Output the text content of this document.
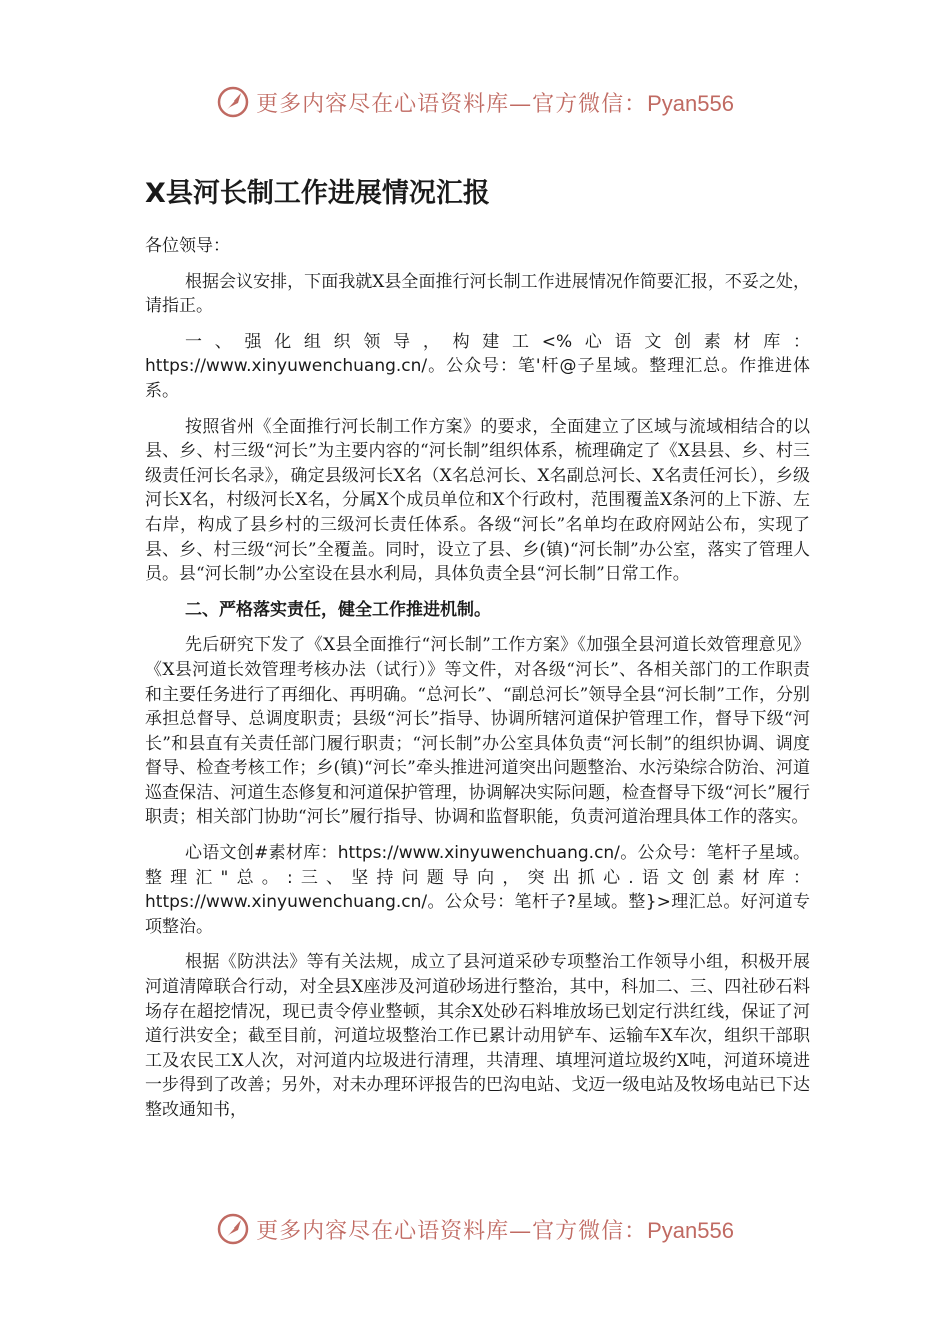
更多内容尽在心语资料库—官方微信：Pyan556
X县河长制工作进展情况汇报

各位领导：

根据会议安排，下面我就X县全面推行河长制工作进展情况作简要汇报，不妥之处，请指正。

一、强化组织领导，构建工<%心语文创素材库：https://www.xinyuwenchuang.cn/。公众号：笔'杆@子星域。整理汇总。作推进体系。

按照省州《全面推行河长制工作方案》的要求，全面建立了区域与流域相结合的以县、乡、村三级“河长”为主要内容的“河长制”组织体系，梳理确定了《X县县、乡、村三级责任河长名录》，确定县级河长X名（X名总河长、X名副总河长、X名责任河长），乡级河长X名，村级河长X名，分属X个成员单位和X个行政村，范围覆盖X条河的上下游、左右岸，构成了县乡村的三级河长责任体系。各级“河长”名单均在政府网站公布，实现了县、乡、村三级“河长”全覆盖。同时，设立了县、乡(镇)“河长制”办公室，落实了管理人员。县“河长制”办公室设在县水利局，具体负责全县“河长制”日常工作。

二、严格落实责任，健全工作推进机制。

先后研究下发了《X县全面推行“河长制”工作方案》《加强全县河道长效管理意见》《X县河道长效管理考核办法（试行）》等文件，对各级“河长”、各相关部门的工作职责和主要任务进行了再细化、再明确。“总河长”、“副总河长”领导全县“河长制”工作，分别承担总督导、总调度职责；县级“河长”指导、协调所辖河道保护管理工作，督导下级“河长”和县直有关责任部门履行职责；“河长制”办公室具体负责“河长制”的组织协调、调度督导、检查考核工作；乡(镇)“河长”牵头推进河道突出问题整治、水污染综合防治、河道巡查保洁、河道生态修复和河道保护管理，协调解决实际问题，检查督导下级“河长”履行职责；相关部门协助“河长”履行指导、协调和监督职能，负责河道治理具体工作的落实。

心语文创#素材库：https://www.xinyuwenchuang.cn/。公众号：笔杆子星域。整理汇"总。:三、坚持问题导向，突出抓心.语文创素材库：https://www.xinyuwenchuang.cn/。公众号：笔杆子?星域。整}>理汇总。好河道专项整治。

根据《防洪法》等有关法规，成立了县河道采砂专项整治工作领导小组，积极开展河道清障联合行动，对全县X座涉及河道砂场进行整治，其中，科加二、三、四社砂石料场存在超挖情况，现已责令停业整顿，其余X处砂石料堆放场已划定行洪红线，保证了河道行洪安全；截至目前，河道垃圾整治工作已累计动用铲车、运输车X车次，组织干部职工及农民工X人次，对河道内垃圾进行清理，共清理、填埋河道垃圾约X吨，河道环境进一步得到了改善；另外，对未办理环评报告的巴沟电站、戈迈一级电站及牧场电站已下达整改通知书，

更多内容尽在心语资料库—官方微信：Pyan556
